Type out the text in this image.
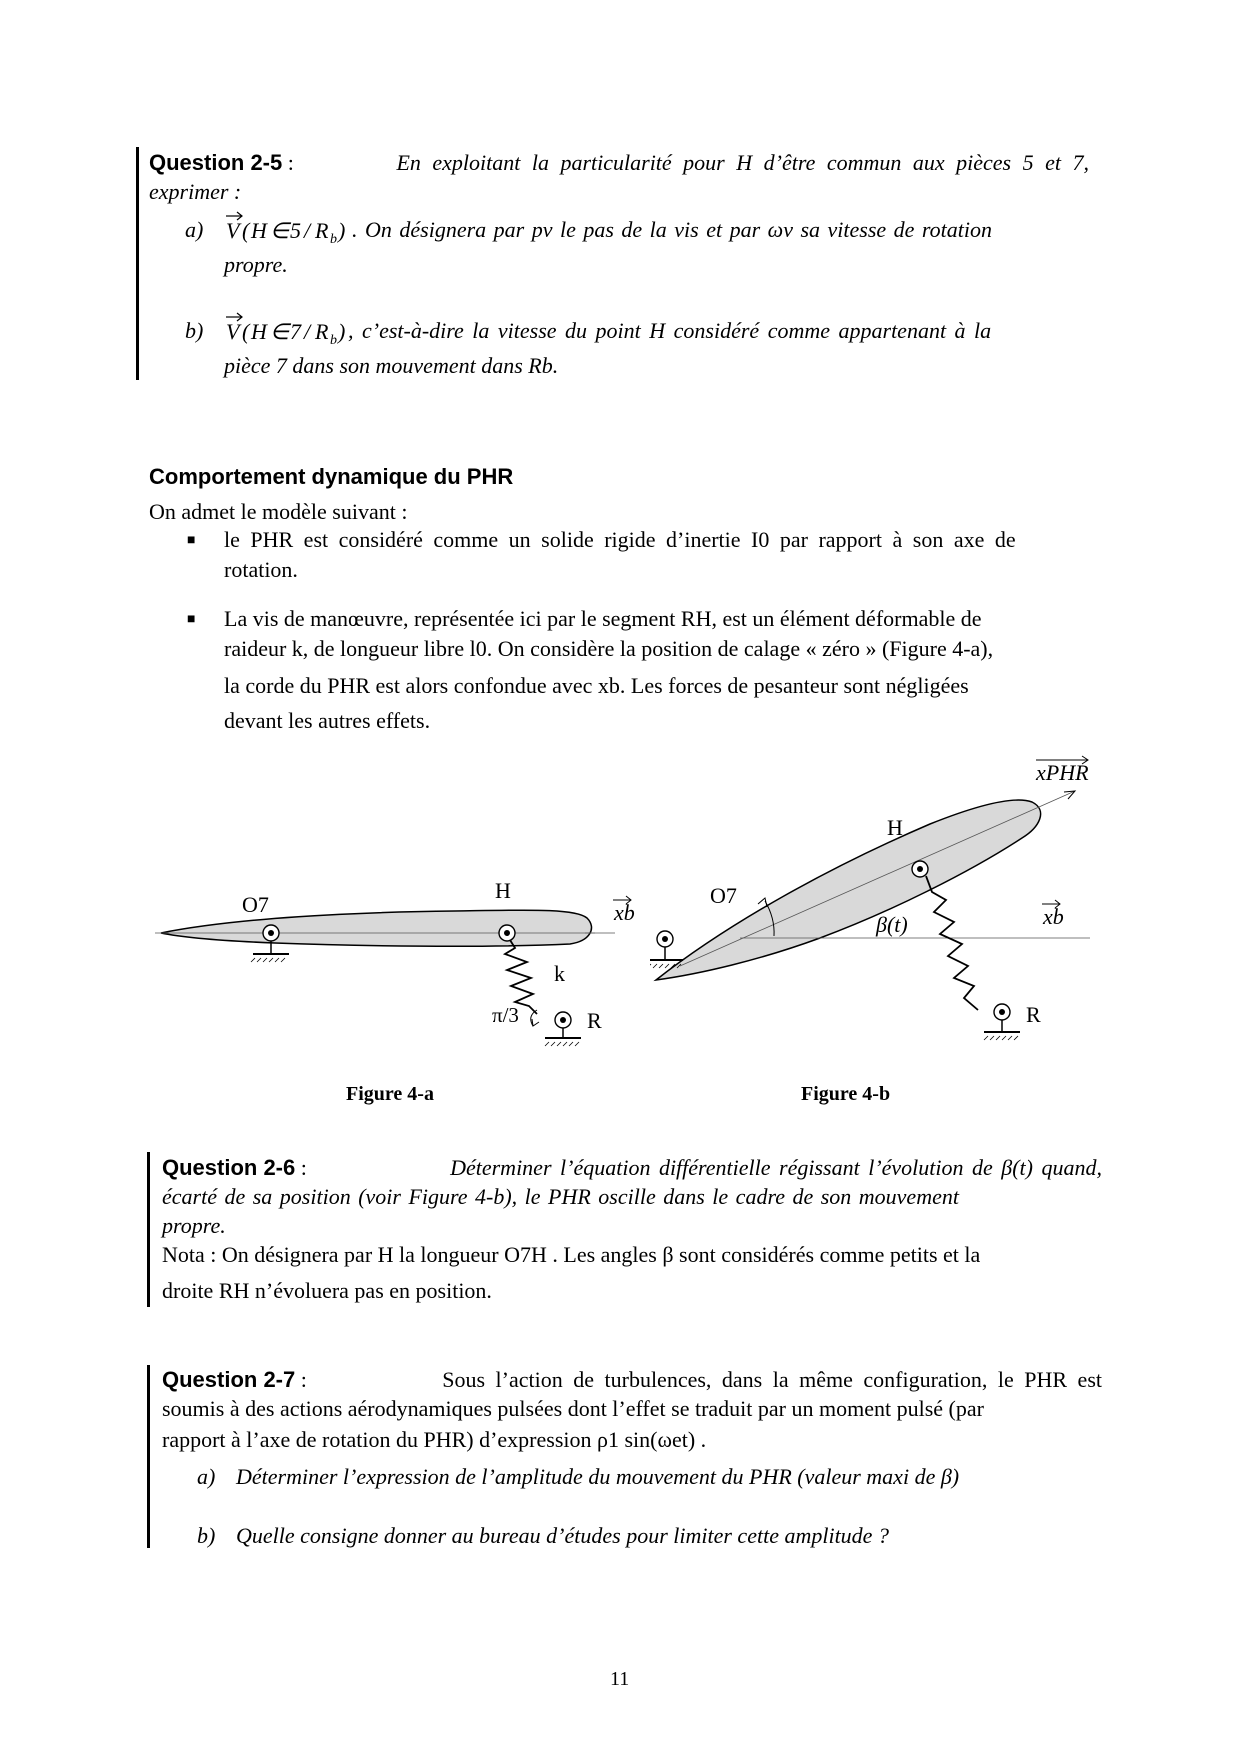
Question 2-5 :	En exploitant la particularité pour H d’être commun aux pièces 5 et 7,
exprimer :
a) V ( H ∈ 5 / R b ) . On désignera par pv le pas de la vis et par ωv sa vitesse de rotation
propre.
b) V ( H ∈ 7 / R b ) , c’est-à-dire la vitesse du point H considéré comme appartenant à la
pièce 7 dans son mouvement dans Rb.
Comportement dynamique du PHR
On admet le modèle suivant :
■ le PHR est considéré comme un solide rigide d’inertie I0 par rapport à son axe de
rotation.
■ La vis de manœuvre, représentée ici par le segment RH, est un élément déformable de
raideur k, de longueur libre l0. On considère la position de calage « zéro » (Figure 4-a),
la corde du PHR est alors confondue avec xb. Les forces de pesanteur sont négligées
devant les autres effets.
O7
H
xb
k
π/3	R
Figure 4-a
O7
H
xb
xPHR
β(t)
R
Figure 4-b
Question 2-6 :	Déterminer l’équation différentielle régissant l’évolution de β(t) quand,
écarté de sa position (voir Figure 4-b), le PHR oscille dans le cadre de son mouvement
propre.
Nota : On désignera par H la longueur O7H . Les angles β sont considérés comme petits et la
droite RH n’évoluera pas en position.
Question 2-7 :	Sous l’action de turbulences, dans la même configuration, le PHR est
soumis à des actions aérodynamiques pulsées dont l’effet se traduit par un moment pulsé (par
rapport à l’axe de rotation du PHR) d’expression ρ1 sin(ωet) .
a) Déterminer l’expression de l’amplitude du mouvement du PHR (valeur maxi de β)
b) Quelle consigne donner au bureau d’études pour limiter cette amplitude ?
11
